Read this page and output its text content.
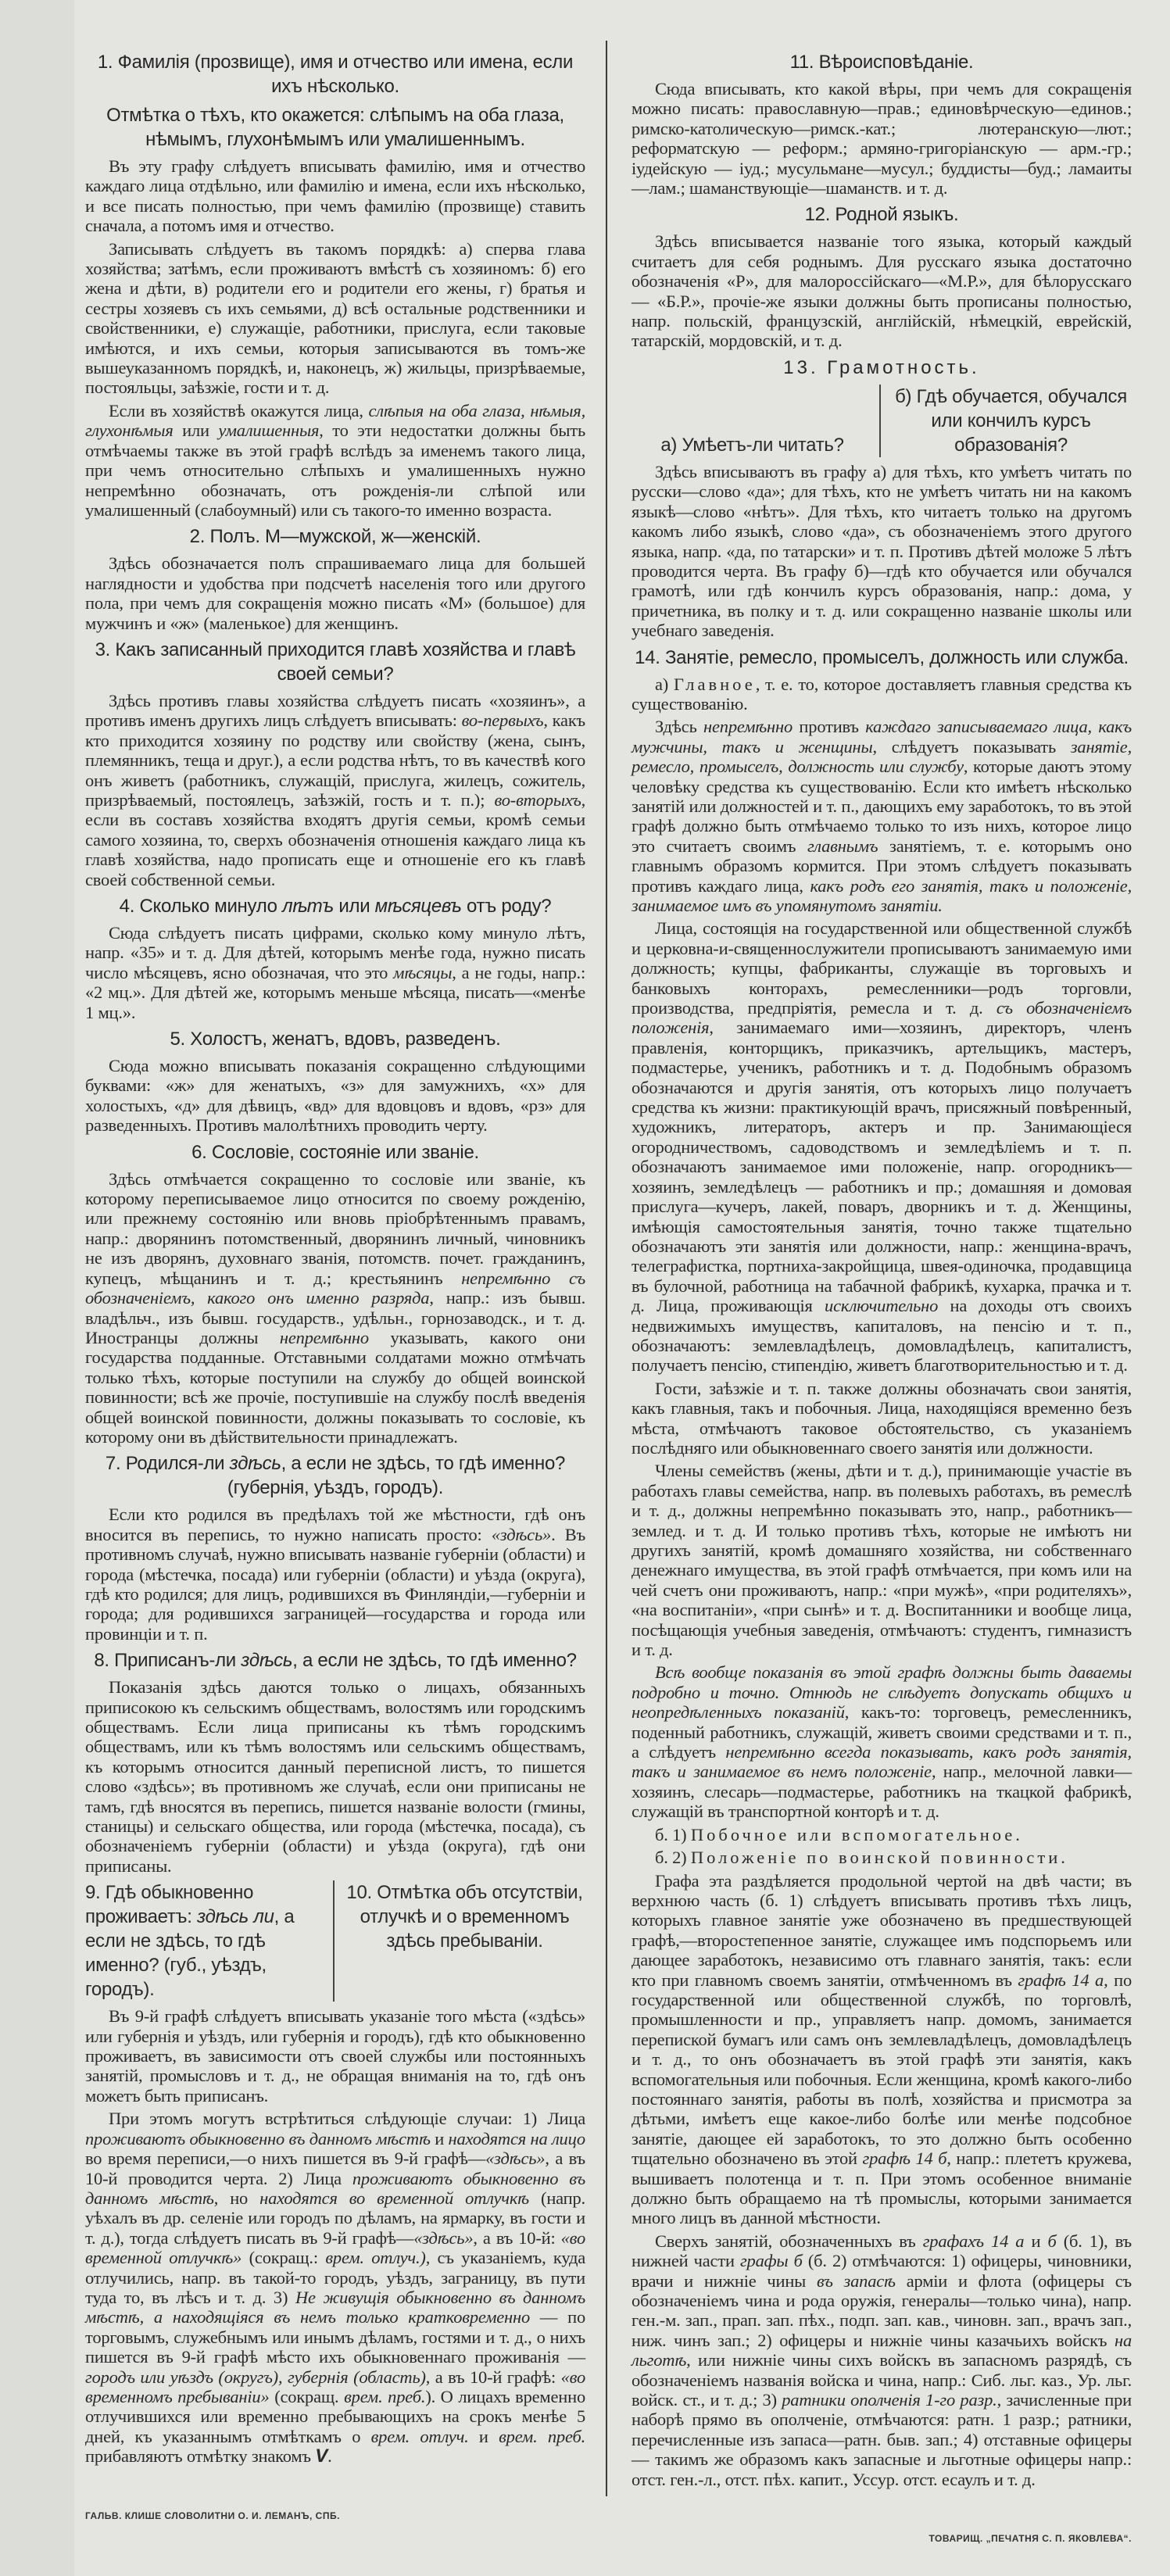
1. Фамилія (прозвище), имя и отчество или имена, если ихъ нѣсколько.
Отмѣтка о тѣхъ, кто окажется: слѣпымъ на оба глаза, нѣмымъ, глухонѣмымъ или умалишеннымъ.
Въ эту графу слѣдуетъ вписывать фамилію, имя и отчество каждаго лица отдѣльно, или фамилію и имена, если ихъ нѣсколько, и все писать полностью, при чемъ фамилію (прозвище) ставить сначала, а потомъ имя и отчество.
Записывать слѣдуетъ въ такомъ порядкѣ: а) сперва глава хозяйства; затѣмъ, если проживаютъ вмѣстѣ съ хозяиномъ: б) его жена и дѣти, в) родители его и родители его жены, г) братья и сестры хозяевъ съ ихъ семьями, д) всѣ остальные родственники и свойственники, е) служащіе, работники, прислуга, если таковые имѣются, и ихъ семьи, которыя записываются въ томъ-же вышеуказанномъ порядкѣ, и, наконецъ, ж) жильцы, призрѣваемые, постояльцы, заѣзжіе, гости и т. д.
Если въ хозяйствѣ окажутся лица, слѣпыя на оба глаза, нѣмыя, глухонѣмыя или умалишенныя, то эти недостатки должны быть отмѣчаемы также въ этой графѣ вслѣдъ за именемъ такого лица, при чемъ относительно слѣпыхъ и умалишенныхъ нужно непремѣнно обозначать, отъ рожденія-ли слѣпой или умалишенный (слабоумный) или съ такого-то именно возраста.
2. Полъ. М—мужской, ж—женскій.
Здѣсь обозначается полъ спрашиваемаго лица для большей наглядности и удобства при подсчетѣ населенія того или другого пола, при чемъ для сокращенія можно писать «М» (большое) для мужчинъ и «ж» (маленькое) для женщинъ.
3. Какъ записанный приходится главѣ хозяйства и главѣ своей семьи?
Здѣсь противъ главы хозяйства слѣдуетъ писать «хозяинъ», а противъ именъ другихъ лицъ слѣдуетъ вписывать: во-первыхъ, какъ кто приходится хозяину по родству или свойству (жена, сынъ, племянникъ, теща и друг.), а если родства нѣтъ, то въ качествѣ кого онъ живетъ (работникъ, служащій, прислуга, жилецъ, сожитель, призрѣваемый, постоялецъ, заѣзжій, гость и т. п.); во-вторыхъ, если въ составъ хозяйства входятъ другія семьи, кромѣ семьи самого хозяина, то, сверхъ обозначенія отношенія каждаго лица къ главѣ хозяйства, надо прописать еще и отношеніе его къ главѣ своей собственной семьи.
4. Сколько минуло лѣтъ или мѣсяцевъ отъ роду?
Сюда слѣдуетъ писать цифрами, сколько кому минуло лѣтъ, напр. «35» и т. д. Для дѣтей, которымъ менѣе года, нужно писать число мѣсяцевъ, ясно обозначая, что это мѣсяцы, а не годы, напр.: «2 мц.». Для дѣтей же, которымъ меньше мѣсяца, писать—«менѣе 1 мц.».
5. Холостъ, женатъ, вдовъ, разведенъ.
Сюда можно вписывать показанія сокращенно слѣдующими буквами: «ж» для женатыхъ, «з» для замужнихъ, «х» для холостыхъ, «д» для дѣвицъ, «вд» для вдовцовъ и вдовъ, «рз» для разведенныхъ. Противъ малолѣтнихъ проводить черту.
6. Сословіе, состояніе или званіе.
Здѣсь отмѣчается сокращенно то сословіе или званіе, къ которому переписываемое лицо относится по своему рожденію, или прежнему состоянію или вновь пріобрѣтеннымъ правамъ, напр.: дворянинъ потомственный, дворянинъ личный, чиновникъ не изъ дворянъ, духовнаго званія, потомств. почет. гражданинъ, купецъ, мѣщанинъ и т. д.; крестьянинъ непремѣнно съ обозначеніемъ, какого онъ именно разряда, напр.: изъ бывш. владѣльч., изъ бывш. государств., удѣльн., горнозаводск., и т. д. Иностранцы должны непремѣнно указывать, какого они государства подданные. Отставными солдатами можно отмѣчать только тѣхъ, которые поступили на службу до общей воинской повинности; всѣ же прочіе, поступившіе на службу послѣ введенія общей воинской повинности, должны показывать то сословіе, къ которому они въ дѣйствительности принадлежатъ.
7. Родился-ли здѣсь, а если не здѣсь, то гдѣ именно? (губернія, уѣздъ, городъ).
Если кто родился въ предѣлахъ той же мѣстности, гдѣ онъ вносится въ перепись, то нужно написать просто: «здѣсь». Въ противномъ случаѣ, нужно вписывать названіе губерніи (области) и города (мѣстечка, посада) или губерніи (области) и уѣзда (округа), гдѣ кто родился; для лицъ, родившихся въ Финляндіи,—губерніи и города; для родившихся заграницей—государства и города или провинціи и т. п.
8. Приписанъ-ли здѣсь, а если не здѣсь, то гдѣ именно?
Показанія здѣсь даются только о лицахъ, обязанныхъ приписокою къ сельскимъ обществамъ, волостямъ или городскимъ обществамъ. Если лица приписаны къ тѣмъ городскимъ обществамъ, или къ тѣмъ волостямъ или сельскимъ обществамъ, къ которымъ относится данный переписной листъ, то пишется слово «здѣсь»; въ противномъ же случаѣ, если они приписаны не тамъ, гдѣ вносятся въ перепись, пишется названіе волости (гмины, станицы) и сельскаго общества, или города (мѣстечка, посада), съ обозначеніемъ губерніи (области) и уѣзда (округа), гдѣ они приписаны.
9. Гдѣ обыкновенно проживаетъ: здѣсь ли, а если не здѣсь, то гдѣ именно? (губ., уѣздъ, городъ).
10. Отмѣтка объ отсутствіи, отлучкѣ и о временномъ здѣсь пребываніи.
Въ 9-й графѣ слѣдуетъ вписывать указаніе того мѣста («здѣсь» или губернія и уѣздъ, или губернія и городъ), гдѣ кто обыкновенно проживаетъ, въ зависимости отъ своей службы или постоянныхъ занятій, промысловъ и т. д., не обращая вниманія на то, гдѣ онъ можетъ быть приписанъ.
При этомъ могутъ встрѣтиться слѣдующіе случаи: 1) Лица проживаютъ обыкновенно въ данномъ мѣстѣ и находятся на лицо во время переписи,—о нихъ пишется въ 9-й графѣ—«здѣсь», а въ 10-й проводится черта. 2) Лица проживаютъ обыкновенно въ данномъ мѣстѣ, но находятся во временной отлучкѣ (напр. уѣхалъ въ др. селеніе или городъ по дѣламъ, на ярмарку, въ гости и т. д.), тогда слѣдуетъ писать въ 9-й графѣ—«здѣсь», а въ 10-й: «во временной отлучкѣ» (сокращ.: врем. отлуч.), съ указаніемъ, куда отлучились, напр. въ такой-то городъ, уѣздъ, заграницу, въ пути туда то, въ лѣсъ и т. д. 3) Не живущія обыкновенно въ данномъ мѣстѣ, а находящіяся въ немъ только кратковременно — по торговымъ, служебнымъ или инымъ дѣламъ, гостями и т. д., о нихъ пишется въ 9-й графѣ мѣсто ихъ обыкновеннаго проживанія — городъ или уѣздъ (округъ), губернія (область), а въ 10-й графѣ: «во временномъ пребываніи» (сокращ. врем. преб.). О лицахъ временно отлучившихся или временно пребывающихъ на срокъ менѣе 5 дней, къ указаннымъ отмѣткамъ о врем. отлуч. и врем. преб. прибавляютъ отмѣтку знакомъ V.
ГАЛЬВ. КЛИШЕ СЛОВОЛИТНИ О. И. ЛЕМАНЪ, СПБ.
11. Вѣроисповѣданіе.
Сюда вписывать, кто какой вѣры, при чемъ для сокращенія можно писать: православную—прав.; единовѣрческую—единов.; римско-католическую—римск.-кат.; лютеранскую—лют.; реформатскую — реформ.; армяно-григоріанскую — арм.-гр.; іудейскую — іуд.; мусульмане—мусул.; буддисты—буд.; ламаиты—лам.; шаманствующіе—шаманств. и т. д.
12. Родной языкъ.
Здѣсь вписывается названіе того языка, который каждый считаетъ для себя роднымъ. Для русскаго языка достаточно обозначенія «Р», для малороссійскаго—«М.Р.», для бѣлорусскаго — «Б.Р.», прочіе-же языки должны быть прописаны полностью, напр. польскій, французскій, англійскій, нѣмецкій, еврейскій, татарскій, мордовскій, и т. д.
13. Грамотность.
а) Умѣетъ-ли читать?
б) Гдѣ обучается, обучался или кончилъ курсъ образованія?
Здѣсь вписываютъ въ графу а) для тѣхъ, кто умѣетъ читать по русски—слово «да»; для тѣхъ, кто не умѣетъ читать ни на какомъ языкѣ—слово «нѣтъ». Для тѣхъ, кто читаетъ только на другомъ какомъ либо языкѣ, слово «да», съ обозначеніемъ этого другого языка, напр. «да, по татарски» и т. п. Противъ дѣтей моложе 5 лѣтъ проводится черта. Въ графу б)—гдѣ кто обучается или обучался грамотѣ, или гдѣ кончилъ курсъ образованія, напр.: дома, у причетника, въ полку и т. д. или сокращенно названіе школы или учебнаго заведенія.
14. Занятіе, ремесло, промыселъ, должность или служба.
а) Главное, т. е. то, которое доставляетъ главныя средства къ существованію.
Здѣсь непремѣнно противъ каждаго записываемаго лица, какъ мужчины, такъ и женщины, слѣдуетъ показывать занятіе, ремесло, промыселъ, должность или службу, которые даютъ этому человѣку средства къ существованію. Если кто имѣетъ нѣсколько занятій или должностей и т. п., дающихъ ему заработокъ, то въ этой графѣ должно быть отмѣчаемо только то изъ нихъ, которое лицо это считаетъ своимъ главнымъ занятіемъ, т. е. которымъ оно главнымъ образомъ кормится. При этомъ слѣдуетъ показывать противъ каждаго лица, какъ родъ его занятія, такъ и положеніе, занимаемое имъ въ упомянутомъ занятіи.
Лица, состоящія на государственной или общественной службѣ и церковна-и-священнослужители прописываютъ занимаемую ими должность; купцы, фабриканты, служащіе въ торговыхъ и банковыхъ конторахъ, ремесленники—родъ торговли, производства, предпріятія, ремесла и т. д. съ обозначеніемъ положенія, занимаемаго ими—хозяинъ, директоръ, членъ правленія, конторщикъ, приказчикъ, артельщикъ, мастеръ, подмастерье, ученикъ, работникъ и т. д. Подобнымъ образомъ обозначаются и другія занятія, отъ которыхъ лицо получаетъ средства къ жизни: практикующій врачъ, присяжный повѣренный, художникъ, литераторъ, актеръ и пр. Занимающіеся огородничествомъ, садоводствомъ и земледѣліемъ и т. п. обозначаютъ занимаемое ими положеніе, напр. огородникъ—хозяинъ, земледѣлецъ — работникъ и пр.; домашняя и домовая прислуга—кучеръ, лакей, поваръ, дворникъ и т. д. Женщины, имѣющія самостоятельныя занятія, точно также тщательно обозначаютъ эти занятія или должности, напр.: женщина-врачъ, телеграфистка, портниха-закройщица, швея-одиночка, продавщица въ булочной, работница на табачной фабрикѣ, кухарка, прачка и т. д. Лица, проживающія исключительно на доходы отъ своихъ недвижимыхъ имуществъ, капиталовъ, на пенсію и т. п., обозначаютъ: землевладѣлецъ, домовладѣлецъ, капиталистъ, получаетъ пенсію, стипендію, живетъ благотворительностью и т. д.
Гости, заѣзжіе и т. п. также должны обозначать свои занятія, какъ главныя, такъ и побочныя. Лица, находящіяся временно безъ мѣста, отмѣчаютъ таковое обстоятельство, съ указаніемъ послѣдняго или обыкновеннаго своего занятія или должности.
Члены семействъ (жены, дѣти и т. д.), принимающіе участіе въ работахъ главы семейства, напр. въ полевыхъ работахъ, въ ремеслѣ и т. д., должны непремѣнно показывать это, напр., работникъ—землед. и т. д. И только противъ тѣхъ, которые не имѣютъ ни другихъ занятій, кромѣ домашняго хозяйства, ни собственнаго денежнаго имущества, въ этой графѣ отмѣчается, при комъ или на чей счетъ они проживаютъ, напр.: «при мужѣ», «при родителяхъ», «на воспитаніи», «при сынѣ» и т. д. Воспитанники и вообще лица, посѣщающія учебныя заведенія, отмѣчаютъ: студентъ, гимназистъ и т. д.
Всѣ вообще показанія въ этой графѣ должны быть даваемы подробно и точно. Отнюдь не слѣдуетъ допускать общихъ и неопредѣленныхъ показаній, какъ-то: торговецъ, ремесленникъ, поденный работникъ, служащій, живетъ своими средствами и т. п., а слѣдуетъ непремѣнно всегда показывать, какъ родъ занятія, такъ и занимаемое въ немъ положеніе, напр., мелочной лавки—хозяинъ, слесарь—подмастерье, работникъ на ткацкой фабрикѣ, служащій въ транспортной конторѣ и т. д.
б. 1) Побочное или вспомогательное.
б. 2) Положеніе по воинской повинности.
Графа эта раздѣляется продольной чертой на двѣ части; въ верхнюю часть (б. 1) слѣдуетъ вписывать противъ тѣхъ лицъ, которыхъ главное занятіе уже обозначено въ предшествующей графѣ,—второстепенное занятіе, служащее имъ подспорьемъ или дающее заработокъ, независимо отъ главнаго занятія, такъ: если кто при главномъ своемъ занятіи, отмѣченномъ въ графѣ 14 а, по государственной или общественной службѣ, по торговлѣ, промышленности и пр., управляетъ напр. домомъ, занимается перепиской бумагъ или самъ онъ землевладѣлецъ, домовладѣлецъ и т. д., то онъ обозначаетъ въ этой графѣ эти занятія, какъ вспомогательныя или побочныя. Если женщина, кромѣ какого-либо постояннаго занятія, работы въ полѣ, хозяйства и присмотра за дѣтьми, имѣетъ еще какое-либо болѣе или менѣе подсобное занятіе, дающее ей заработокъ, то это должно быть особенно тщательно обозначено въ этой графѣ 14 б, напр.: плететъ кружева, вышиваетъ полотенца и т. п. При этомъ особенное вниманіе должно быть обращаемо на тѣ промыслы, которыми занимается много лицъ въ данной мѣстности.
Сверхъ занятій, обозначенныхъ въ графахъ 14 а и б (б. 1), въ нижней части графы б (б. 2) отмѣчаются: 1) офицеры, чиновники, врачи и нижніе чины въ запасѣ арміи и флота (офицеры съ обозначеніемъ чина и рода оружія, генералы—только чина), напр. ген.-м. зап., прап. зап. пѣх., подп. зап. кав., чиновн. зап., врачъ зап., ниж. чинъ зап.; 2) офицеры и нижніе чины казачьихъ войскъ на льготѣ, или нижніе чины сихъ войскъ въ запасномъ разрядѣ, съ обозначеніемъ названія войска и чина, напр.: Сиб. льг. каз., Ур. льг. войск. ст., и т. д.; 3) ратники ополченія 1-го разр., зачисленные при наборѣ прямо въ ополченіе, отмѣчаются: ратн. 1 разр.; ратники, перечисленные изъ запаса—ратн. быв. зап.; 4) отставные офицеры — такимъ же образомъ какъ запасные и льготные офицеры напр.: отст. ген.-л., отст. пѣх. капит., Уссур. отст. есаулъ и т. д.
ТОВАРИЩ. „ПЕЧАТНЯ С. П. ЯКОВЛЕВА“.
